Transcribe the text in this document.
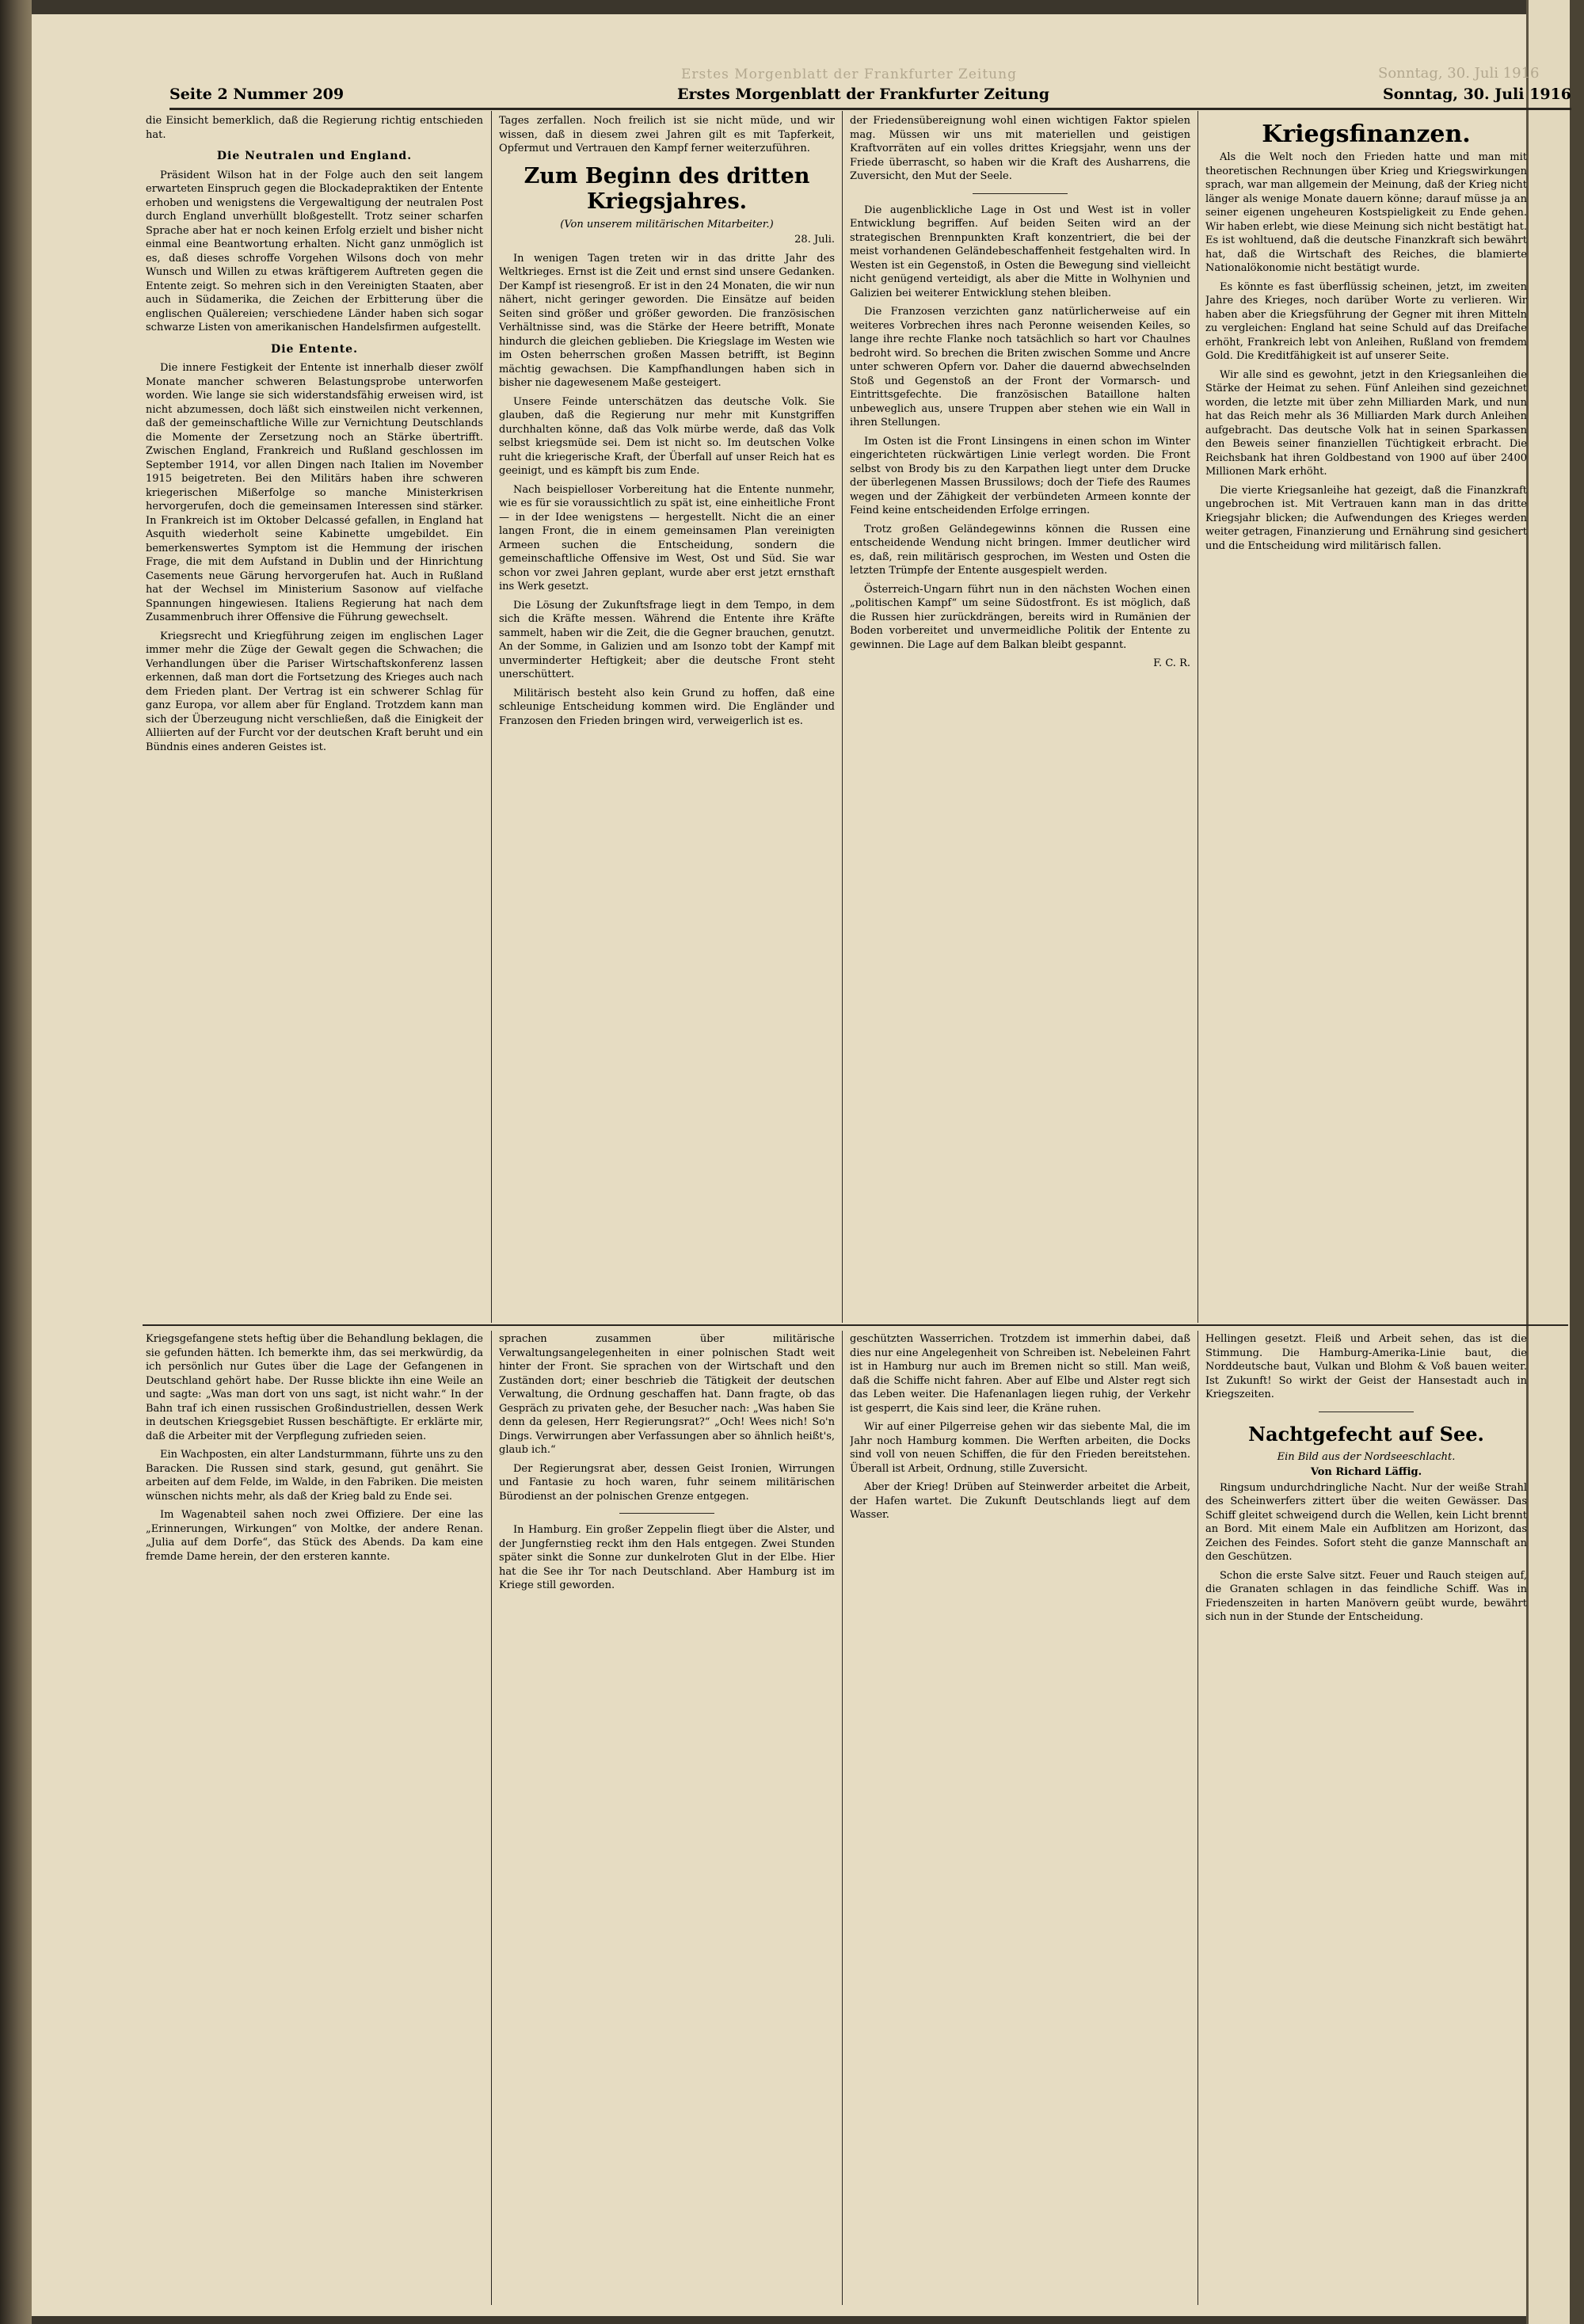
Erstes Morgenblatt der Frankfurter Zeitung	Sonntag, 30. Juli 1916
Seite 2 Nummer 209	Erstes Morgenblatt der Frankfurter Zeitung	Sonntag, 30. Juli 1916

die Einsicht bemerklich, daß die Regierung richtig entschieden hat.

Die Neutralen und England.

Präsident Wilson hat in der Folge auch den seit langem erwarteten Einspruch gegen die Blockadepraktiken der Entente erhoben und wenigstens die Vergewaltigung der neutralen Post durch England unverhüllt bloßgestellt. Trotz seiner scharfen Sprache aber hat er noch keinen Erfolg erzielt und bisher nicht einmal eine Beantwortung erhalten. Nicht ganz unmöglich ist es, daß dieses schroffe Vorgehen Wilsons doch von mehr Wunsch und Willen zu etwas kräftigerem Auftreten gegen die Entente zeigt. So mehren sich in den Vereinigten Staaten, aber auch in Südamerika, die Zeichen der Erbitterung über die englischen Quälereien; verschiedene Länder haben sich sogar schwarze Listen von amerikanischen Handelsfirmen aufgestellt.

Die Entente.

Die innere Festigkeit der Entente ist innerhalb dieser zwölf Monate mancher schweren Belastungsprobe unterworfen worden. Wie lange sie sich widerstandsfähig erweisen wird, ist nicht abzumessen, doch läßt sich einstweilen nicht verkennen, daß der gemeinschaftliche Wille zur Vernichtung Deutschlands die Momente der Zersetzung noch an Stärke übertrifft. Zwischen England, Frankreich und Rußland geschlossen im September 1914, vor allen Dingen nach Italien im November 1915 beigetreten. Bei den Militärs haben ihre schweren kriegerischen Mißerfolge so manche Ministerkrisen hervorgerufen, doch die gemeinsamen Interessen sind stärker. In Frankreich ist im Oktober Delcassé gefallen, in England hat Asquith wiederholt seine Kabinette umgebildet. Ein bemerkenswertes Symptom ist die Hemmung der irischen Frage, die mit dem Aufstand in Dublin und der Hinrichtung Casements neue Gärung hervorgerufen hat. Auch in Rußland hat der Wechsel im Ministerium Sasonow auf vielfache Spannungen hingewiesen. Italiens Regierung hat nach dem Zusammenbruch ihrer Offensive die Führung gewechselt.

Kriegsrecht und Kriegführung zeigen im englischen Lager immer mehr die Züge der Gewalt gegen die Schwachen; die Verhandlungen über die Pariser Wirtschaftskonferenz lassen erkennen, daß man dort die Fortsetzung des Krieges auch nach dem Frieden plant. Der Vertrag ist ein schwerer Schlag für ganz Europa, vor allem aber für England. Trotzdem kann man sich der Überzeugung nicht verschließen, daß die Einigkeit der Alliierten auf der Furcht vor der deutschen Kraft beruht und ein Bündnis eines anderen Geistes ist.

Tages zerfallen. Noch freilich ist sie nicht müde, und wir wissen, daß in diesem zwei Jahren gilt es mit Tapferkeit, Opfermut und Vertrauen den Kampf ferner weiterzuführen.

Zum Beginn des dritten Kriegsjahres.
(Von unserem militärischen Mitarbeiter.)
28. Juli.

In wenigen Tagen treten wir in das dritte Jahr des Weltkrieges. Ernst ist die Zeit und ernst sind unsere Gedanken. Der Kampf ist riesengroß. Er ist in den 24 Monaten, die wir nun nähert, nicht geringer geworden. Die Einsätze auf beiden Seiten sind größer und größer geworden. Die französischen Verhältnisse sind, was die Stärke der Heere betrifft, Monate hindurch die gleichen geblieben. Die Kriegslage im Westen wie im Osten beherrschen großen Massen betrifft, ist Beginn mächtig gewachsen. Die Kampfhandlungen haben sich in bisher nie dagewesenem Maße gesteigert.

Unsere Feinde unterschätzen das deutsche Volk. Sie glauben, daß die Regierung nur mehr mit Kunstgriffen durchhalten könne, daß das Volk mürbe werde, daß das Volk selbst kriegsmüde sei. Dem ist nicht so. Im deutschen Volke ruht die kriegerische Kraft, der Überfall auf unser Reich hat es geeinigt, und es kämpft bis zum Ende.

Nach beispielloser Vorbereitung hat die Entente nunmehr, wie es für sie voraussichtlich zu spät ist, eine einheitliche Front — in der Idee wenigstens — hergestellt. Nicht die an einer langen Front, die in einem gemeinsamen Plan vereinigten Armeen suchen die Entscheidung, sondern die gemeinschaftliche Offensive im West, Ost und Süd. Sie war schon vor zwei Jahren geplant, wurde aber erst jetzt ernsthaft ins Werk gesetzt.

Die Lösung der Zukunftsfrage liegt in dem Tempo, in dem sich die Kräfte messen. Während die Entente ihre Kräfte sammelt, haben wir die Zeit, die die Gegner brauchen, genutzt. An der Somme, in Galizien und am Isonzo tobt der Kampf mit unverminderter Heftigkeit; aber die deutsche Front steht unerschüttert.

Militärisch besteht also kein Grund zu hoffen, daß eine schleunige Entscheidung kommen wird. Die Engländer und Franzosen den Frieden bringen wird, verweigerlich ist es.

der Friedensübereignung wohl einen wichtigen Faktor spielen mag. Müssen wir uns mit materiellen und geistigen Kraftvorräten auf ein volles drittes Kriegsjahr, wenn uns der Friede überrascht, so haben wir die Kraft des Ausharrens, die Zuversicht, den Mut der Seele.

Die augenblickliche Lage in Ost und West ist in voller Entwicklung begriffen. Auf beiden Seiten wird an der strategischen Brennpunkten Kraft konzentriert, die bei der meist vorhandenen Geländebeschaffenheit festgehalten wird. In Westen ist ein Gegenstoß, in Osten die Bewegung sind vielleicht nicht genügend verteidigt, als aber die Mitte in Wolhynien und Galizien bei weiterer Entwicklung stehen bleiben.

Die Franzosen verzichten ganz natürlicherweise auf ein weiteres Vorbrechen ihres nach Peronne weisenden Keiles, so lange ihre rechte Flanke noch tatsächlich so hart vor Chaulnes bedroht wird. So brechen die Briten zwischen Somme und Ancre unter schweren Opfern vor. Daher die dauernd abwechselnden Stoß und Gegenstoß an der Front der Vormarsch- und Eintrittsgefechte. Die französischen Bataillone halten unbeweglich aus, unsere Truppen aber stehen wie ein Wall in ihren Stellungen.

Im Osten ist die Front Linsingens in einen schon im Winter eingerichteten rückwärtigen Linie verlegt worden. Die Front selbst von Brody bis zu den Karpathen liegt unter dem Drucke der überlegenen Massen Brussilows; doch der Tiefe des Raumes wegen und der Zähigkeit der verbündeten Armeen konnte der Feind keine entscheidenden Erfolge erringen.

Trotz großen Geländegewinns können die Russen eine entscheidende Wendung nicht bringen. Immer deutlicher wird es, daß, rein militärisch gesprochen, im Westen und Osten die letzten Trümpfe der Entente ausgespielt werden.

Österreich-Ungarn führt nun in den nächsten Wochen einen „politischen Kampf“ um seine Südostfront. Es ist möglich, daß die Russen hier zurückdrängen, bereits wird in Rumänien der Boden vorbereitet und unvermeidliche Politik der Entente zu gewinnen. Die Lage auf dem Balkan bleibt gespannt.

F. C. R.
Kriegsfinanzen.

Als die Welt noch den Frieden hatte und man mit theoretischen Rechnungen über Krieg und Kriegswirkungen sprach, war man allgemein der Meinung, daß der Krieg nicht länger als wenige Monate dauern könne; darauf müsse ja an seiner eigenen ungeheuren Kostspieligkeit zu Ende gehen. Wir haben erlebt, wie diese Meinung sich nicht bestätigt hat. Es ist wohltuend, daß die deutsche Finanzkraft sich bewährt hat, daß die Wirtschaft des Reiches, die blamierte Nationalökonomie nicht bestätigt wurde.

Es könnte es fast überflüssig scheinen, jetzt, im zweiten Jahre des Krieges, noch darüber Worte zu verlieren. Wir haben aber die Kriegsführung der Gegner mit ihren Mitteln zu vergleichen: England hat seine Schuld auf das Dreifache erhöht, Frankreich lebt von Anleihen, Rußland von fremdem Gold. Die Kreditfähigkeit ist auf unserer Seite.

Wir alle sind es gewohnt, jetzt in den Kriegsanleihen die Stärke der Heimat zu sehen. Fünf Anleihen sind gezeichnet worden, die letzte mit über zehn Milliarden Mark, und nun hat das Reich mehr als 36 Milliarden Mark durch Anleihen aufgebracht. Das deutsche Volk hat in seinen Sparkassen den Beweis seiner finanziellen Tüchtigkeit erbracht. Die Reichsbank hat ihren Goldbestand von 1900 auf über 2400 Millionen Mark erhöht.

Die vierte Kriegsanleihe hat gezeigt, daß die Finanzkraft ungebrochen ist. Mit Vertrauen kann man in das dritte Kriegsjahr blicken; die Aufwendungen des Krieges werden weiter getragen, Finanzierung und Ernährung sind gesichert und die Entscheidung wird militärisch fallen.

Kriegsgefangene stets heftig über die Behandlung beklagen, die sie gefunden hätten. Ich bemerkte ihm, das sei merkwürdig, da ich persönlich nur Gutes über die Lage der Gefangenen in Deutschland gehört habe. Der Russe blickte ihn eine Weile an und sagte: „Was man dort von uns sagt, ist nicht wahr.“ In der Bahn traf ich einen russischen Großindustriellen, dessen Werk in deutschen Kriegsgebiet Russen beschäftigte. Er erklärte mir, daß die Arbeiter mit der Verpflegung zufrieden seien.

Ein Wachposten, ein alter Landsturmmann, führte uns zu den Baracken. Die Russen sind stark, gesund, gut genährt. Sie arbeiten auf dem Felde, im Walde, in den Fabriken. Die meisten wünschen nichts mehr, als daß der Krieg bald zu Ende sei.

Im Wagenabteil sahen noch zwei Offiziere. Der eine las „Erinnerungen, Wirkungen“ von Moltke, der andere Renan. „Julia auf dem Dorfe“, das Stück des Abends. Da kam eine fremde Dame herein, der den ersteren kannte.

sprachen zusammen über militärische Verwaltungsangelegenheiten in einer polnischen Stadt weit hinter der Front. Sie sprachen von der Wirtschaft und den Zuständen dort; einer beschrieb die Tätigkeit der deutschen Verwaltung, die Ordnung geschaffen hat. Dann fragte, ob das Gespräch zu privaten gehe, der Besucher nach: „Was haben Sie denn da gelesen, Herr Regierungsrat?“ „Och! Wees nich! So'n Dings. Verwirrungen aber Verfassungen aber so ähnlich heißt's, glaub ich.“

Der Regierungsrat aber, dessen Geist Ironien, Wirrungen und Fantasie zu hoch waren, fuhr seinem militärischen Bürodienst an der polnischen Grenze entgegen.

In Hamburg. Ein großer Zeppelin fliegt über die Alster, und der Jungfernstieg reckt ihm den Hals entgegen. Zwei Stunden später sinkt die Sonne zur dunkelroten Glut in der Elbe. Hier hat die See ihr Tor nach Deutschland. Aber Hamburg ist im Kriege still geworden.

geschützten Wasserrichen. Trotzdem ist immerhin dabei, daß dies nur eine Angelegenheit von Schreiben ist. Nebeleinen Fahrt ist in Hamburg nur auch im Bremen nicht so still. Man weiß, daß die Schiffe nicht fahren. Aber auf Elbe und Alster regt sich das Leben weiter. Die Hafenanlagen liegen ruhig, der Verkehr ist gesperrt, die Kais sind leer, die Kräne ruhen.

Wir auf einer Pilgerreise gehen wir das siebente Mal, die im Jahr noch Hamburg kommen. Die Werften arbeiten, die Docks sind voll von neuen Schiffen, die für den Frieden bereitstehen. Überall ist Arbeit, Ordnung, stille Zuversicht.

Aber der Krieg! Drüben auf Steinwerder arbeitet die Arbeit, der Hafen wartet. Die Zukunft Deutschlands liegt auf dem Wasser.

Hellingen gesetzt. Fleiß und Arbeit sehen, das ist die Stimmung. Die Hamburg-Amerika-Linie baut, die Norddeutsche baut, Vulkan und Blohm & Voß bauen weiter. Ist Zukunft! So wirkt der Geist der Hansestadt auch in Kriegszeiten.

Nachtgefecht auf See.
Ein Bild aus der Nordseeschlacht.
Von Richard Läffig.

Ringsum undurchdringliche Nacht. Nur der weiße Strahl des Scheinwerfers zittert über die weiten Gewässer. Das Schiff gleitet schweigend durch die Wellen, kein Licht brennt an Bord. Mit einem Male ein Aufblitzen am Horizont, das Zeichen des Feindes. Sofort steht die ganze Mannschaft an den Geschützen.

Schon die erste Salve sitzt. Feuer und Rauch steigen auf, die Granaten schlagen in das feindliche Schiff. Was in Friedenszeiten in harten Manövern geübt wurde, bewährt sich nun in der Stunde der Entscheidung.
